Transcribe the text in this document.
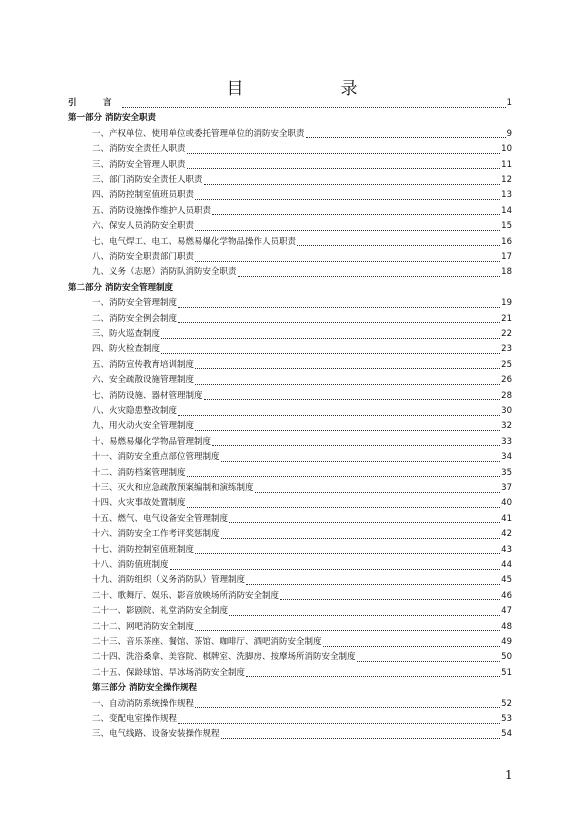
目　录
引　言	1
第一部分 消防安全职责
一、产权单位、使用单位或委托管理单位的消防安全职责	9
二、消防安全责任人职责	10
三、消防安全管理人职责	11
三、部门消防安全责任人职责	12
四、消防控制室值班员职责	13
五、消防设施操作维护人员职责	14
六、保安人员消防安全职责	15
七、电气焊工、电工、易燃易爆化学物品操作人员职责	16
八、消防安全职责部门职责	17
九、义务（志愿）消防队消防安全职责	18
第二部分 消防安全管理制度
一、消防安全管理制度	19
二、消防安全例会制度	21
三、防火巡查制度	22
四、防火检查制度	23
五、消防宣传教育培训制度	25
六、安全疏散设施管理制度	26
七、消防设施、器材管理制度	28
八、火灾隐患整改制度	30
九、用火动火安全管理制度	32
十、易燃易爆化学物品管理制度	33
十一、消防安全重点部位管理制度	34
十二、消防档案管理制度	35
十三、灭火和应急疏散预案编制和演练制度	37
十四、火灾事故处置制度	40
十五、燃气、电气设备安全管理制度	41
十六、消防安全工作考评奖惩制度	42
十七、消防控制室值班制度	43
十八、消防值班制度	44
十九、消防组织（义务消防队）管理制度	45
二十、歌舞厅、娱乐、影音放映场所消防安全制度	46
二十一、影剧院、礼堂消防安全制度	47
二十二、网吧消防安全制度	48
二十三、音乐茶座、餐馆、茶馆、咖啡厅、酒吧消防安全制度	49
二十四、洗浴桑拿、美容院、棋牌室、洗脚房、按摩场所消防安全制度	50
二十五、保龄球馆、旱冰场消防安全制度	51
第三部分 消防安全操作规程
一、自动消防系统操作规程	52
二、变配电室操作规程	53
三、电气线路、设备安装操作规程	54
1
